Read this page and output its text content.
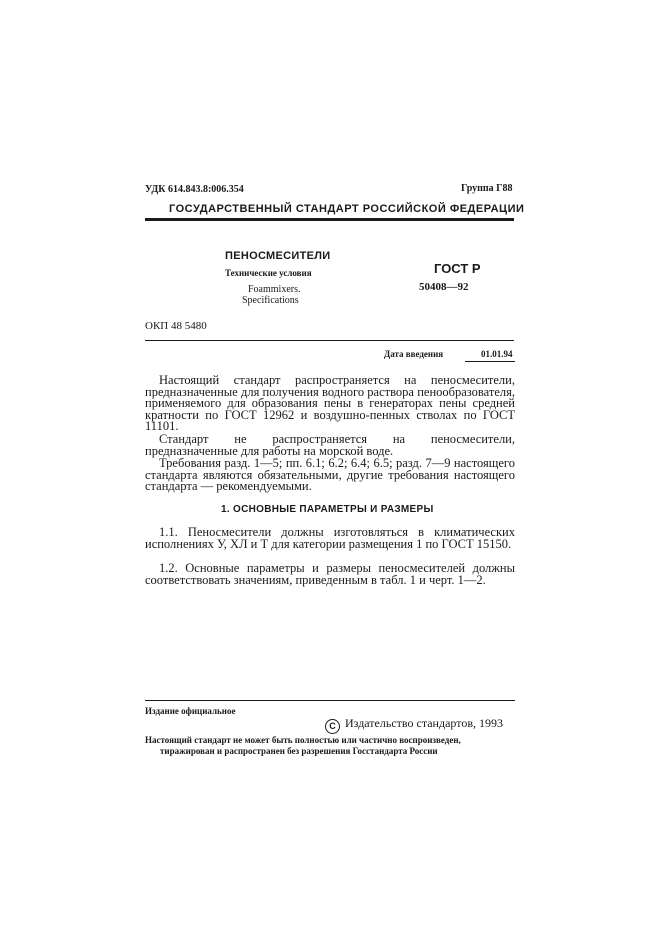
УДК 614.843.8:006.354	Группа Г88
ГОСУДАРСТВЕННЫЙ СТАНДАРТ РОССИЙСКОЙ ФЕДЕРАЦИИ
ПЕНОСМЕСИТЕЛИ
Технические условия
Foammixers.
Specifications
ГОСТ Р
50408—92
ОКП 48 5480
Дата введения	01.01.94
Настоящий стандарт распространяется на пеносмесители, предназначенные для получения водного раствора пенообразователя, применяемого для образования пены в генераторах пены средней кратности по ГОСТ 12962 и воздушно-пенных стволах по ГОСТ 11101.
Стандарт не распространяется на пеносмесители, предназначенные для работы на морской воде.
Требования разд. 1—5; пп. 6.1; 6.2; 6.4; 6.5; разд. 7—9 настоящего стандарта являются обязательными, другие требования настоящего стандарта — рекомендуемыми.
1. ОСНОВНЫЕ ПАРАМЕТРЫ И РАЗМЕРЫ
1.1. Пеносмесители должны изготовляться в климатических исполнениях У, ХЛ и Т для категории размещения 1 по ГОСТ 15150.
1.2. Основные параметры и размеры пеносмесителей должны соответствовать значениям, приведенным в табл. 1 и черт. 1—2.
Издание официальное
C Издательство стандартов, 1993
Настоящий стандарт не может быть полностью или частично воспроизведен,
тиражирован и распространен без разрешения Госстандарта России
